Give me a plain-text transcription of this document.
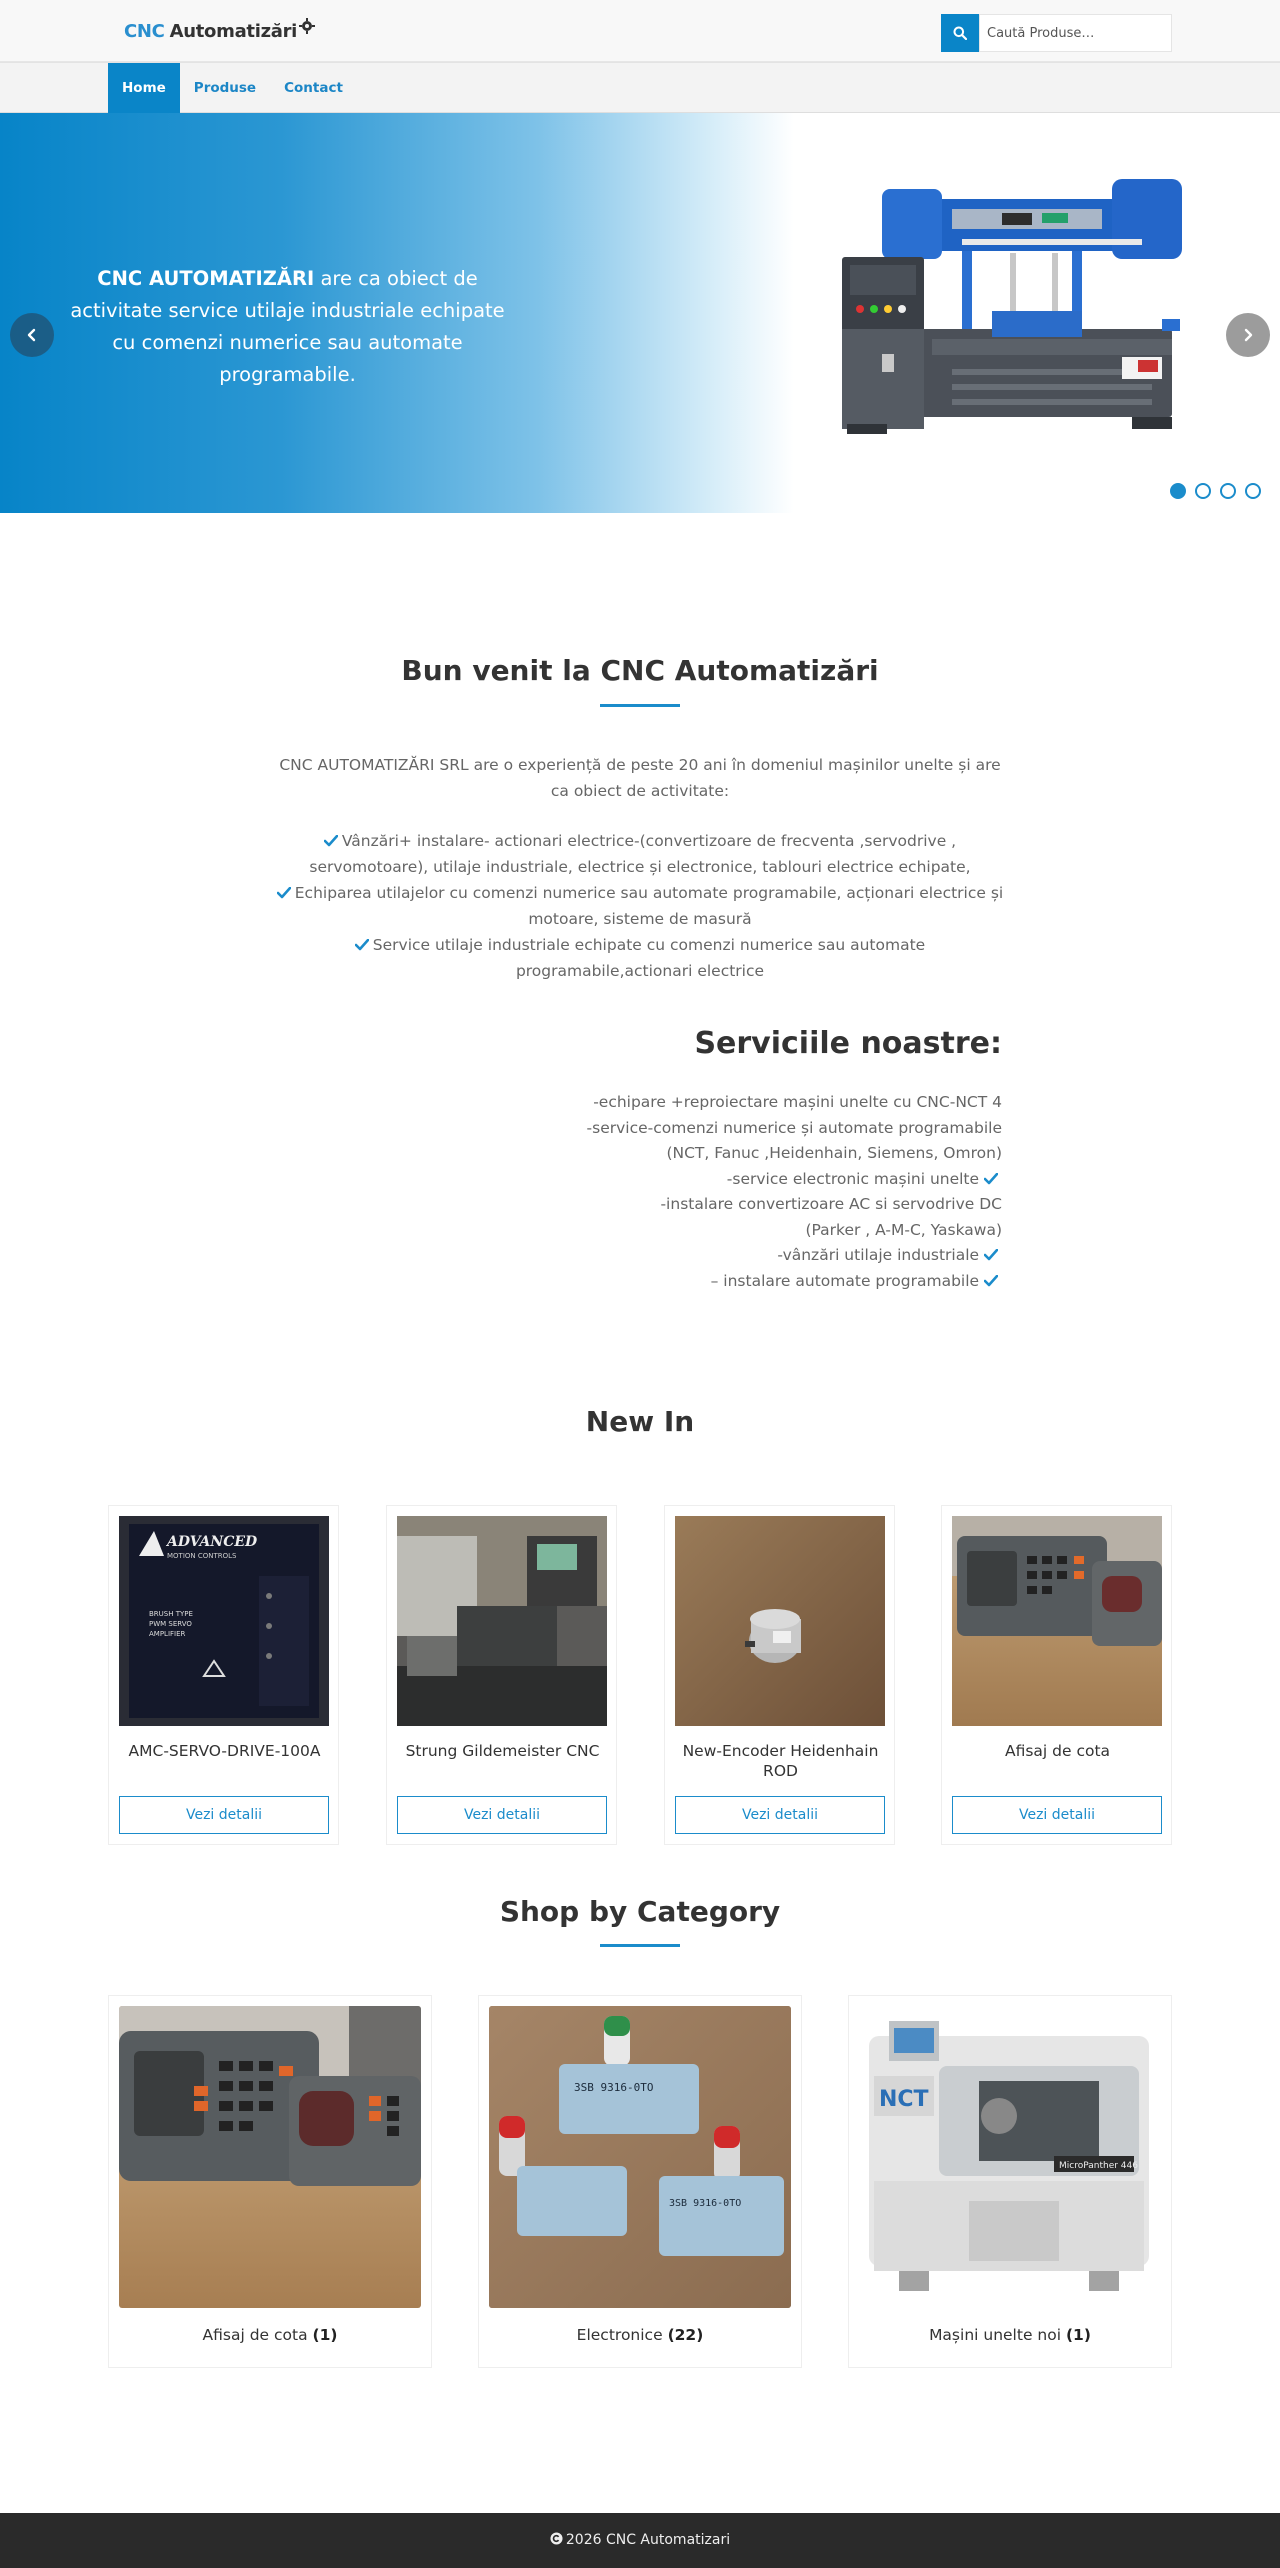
CNC Automatizări
Caută Produse…
Home	Produse	Contact
CNC AUTOMATIZĂRI are ca obiect de activitate service utilaje industriale echipate cu comenzi numerice sau automate programabile.
Bun venit la CNC Automatizări
CNC AUTOMATIZĂRI SRL are o experiență de peste 20 ani în domeniul mașinilor unelte și are ca obiect de activitate:
Vânzări+ instalare- actionari electrice-(convertizoare de frecventa ,servodrive , servomotoare), utilaje industriale, electrice și electronice, tablouri electrice echipate,
Echiparea utilajelor cu comenzi numerice sau automate programabile, acționari electrice și motoare, sisteme de masură
Service utilaje industriale echipate cu comenzi numerice sau automate programabile,actionari electrice
Serviciile noastre:
-echipare +reproiectare mașini unelte cu CNC-NCT 4
-service-comenzi numerice și automate programabile
(NCT, Fanuc ,Heidenhain, Siemens, Omron)
-service electronic mașini unelte
-instalare convertizoare AC si servodrive DC
(Parker , A-M-C, Yaskawa)
-vânzări utilaje industriale
– instalare automate programabile
New In
ADVANCED
MOTION CONTROLS
BRUSH TYPE
PWM SERVO
AMPLIFIER
AMC-SERVO-DRIVE-100A
Vezi detalii
Strung Gildemeister CNC
Vezi detalii
New-Encoder Heidenhain ROD
Vezi detalii
Afisaj de cota
Vezi detalii
Shop by Category
Afisaj de cota (1)
3SB 9316-0TO
3SB 9316-0TO
Electronice (22)
NCT
MicroPanther 446
Mașini unelte noi (1)
2026 CNC Automatizari
